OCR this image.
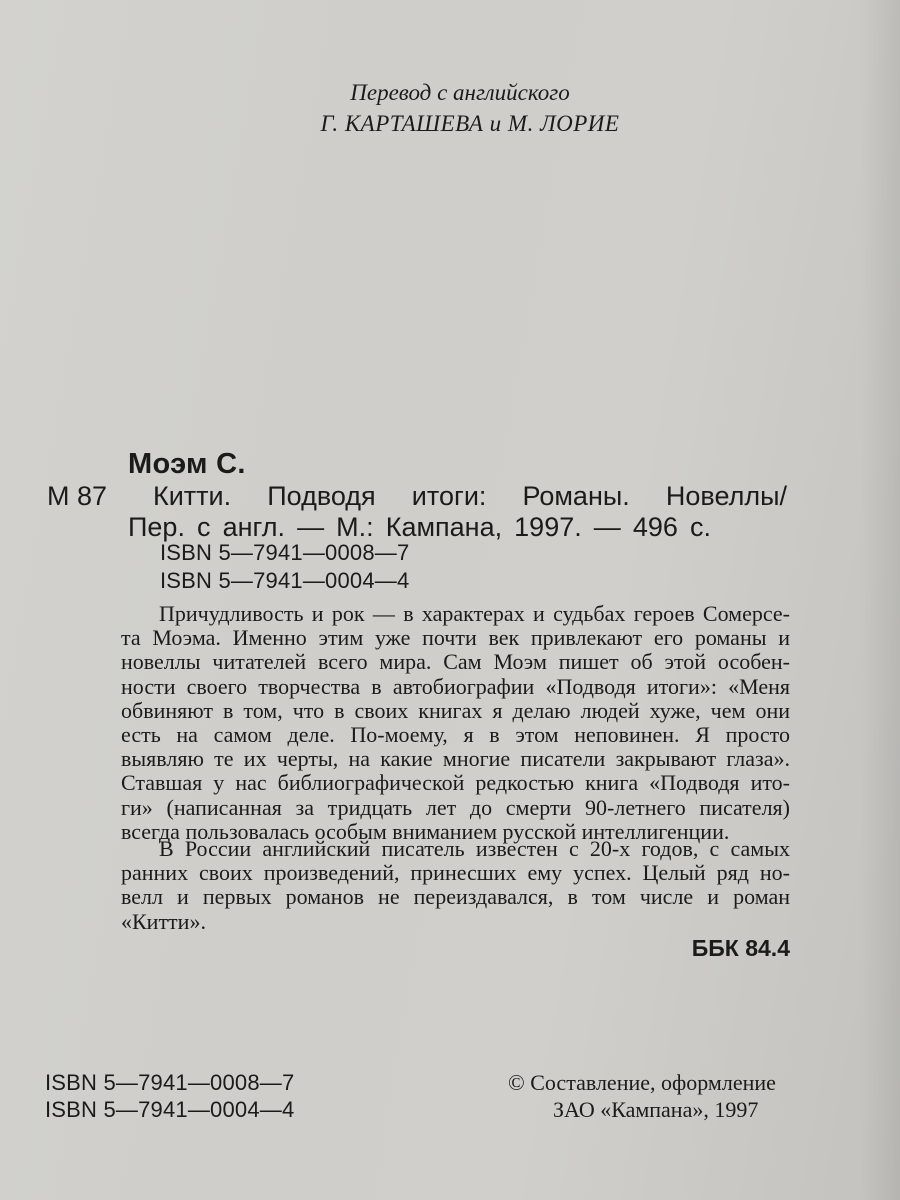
Перевод с английского
Г. КАРТАШЕВА и М. ЛОРИЕ
Моэм С.
М 87 Китти. Подводя итоги: Романы. Новеллы/
Пер. с англ. — М.: Кампана, 1997. — 496 с.
ISBN 5—7941—0008—7
ISBN 5—7941—0004—4
Причудливость и рок — в характерах и судьбах героев Сомерсе-
та Моэма. Именно этим уже почти век привлекают его романы и
новеллы читателей всего мира. Сам Моэм пишет об этой особен-
ности своего творчества в автобиографии «Подводя итоги»: «Меня
обвиняют в том, что в своих книгах я делаю людей хуже, чем они
есть на самом деле. По-моему, я в этом неповинен. Я просто
выявляю те их черты, на какие многие писатели закрывают глаза».
Ставшая у нас библиографической редкостью книга «Подводя ито-
ги» (написанная за тридцать лет до смерти 90-летнего писателя)
всегда пользовалась особым вниманием русской интеллигенции.
В России английский писатель известен с 20-х годов, с самых
ранних своих произведений, принесших ему успех. Целый ряд но-
велл и первых романов не переиздавался, в том числе и роман
«Китти».
ББК 84.4
ISBN 5—7941—0008—7
ISBN 5—7941—0004—4
© Составление, оформление
ЗАО «Кампана», 1997
